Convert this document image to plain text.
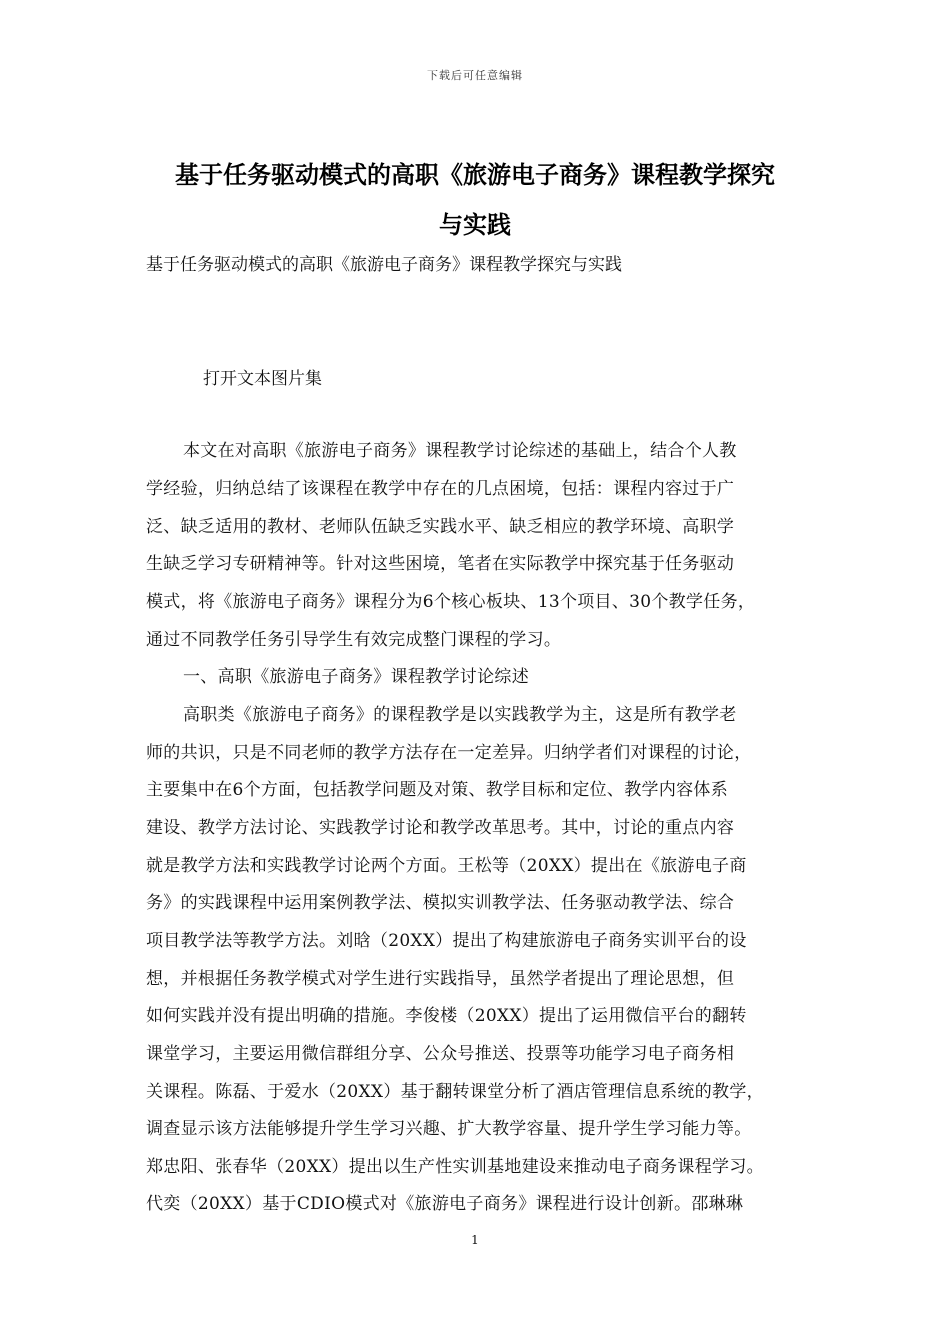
下载后可任意编辑
基于任务驱动模式的高职《旅游电子商务》课程教学探究
与实践
基于任务驱动模式的高职《旅游电子商务》课程教学探究与实践
打开文本图片集
本文在对高职《旅游电子商务》课程教学讨论综述的基础上，结合个人教
学经验，归纳总结了该课程在教学中存在的几点困境，包括：课程内容过于广
泛、缺乏适用的教材、老师队伍缺乏实践水平、缺乏相应的教学环境、高职学
生缺乏学习专研精神等。针对这些困境，笔者在实际教学中探究基于任务驱动
模式，将《旅游电子商务》课程分为6个核心板块、13个项目、30个教学任务，
通过不同教学任务引导学生有效完成整门课程的学习。
一、高职《旅游电子商务》课程教学讨论综述
高职类《旅游电子商务》的课程教学是以实践教学为主，这是所有教学老
师的共识，只是不同老师的教学方法存在一定差异。归纳学者们对课程的讨论，
主要集中在6个方面，包括教学问题及对策、教学目标和定位、教学内容体系
建设、教学方法讨论、实践教学讨论和教学改革思考。其中，讨论的重点内容
就是教学方法和实践教学讨论两个方面。王松等（20XX）提出在《旅游电子商
务》的实践课程中运用案例教学法、模拟实训教学法、任务驱动教学法、综合
项目教学法等教学方法。刘晗（20XX）提出了构建旅游电子商务实训平台的设
想，并根据任务教学模式对学生进行实践指导，虽然学者提出了理论思想，但
如何实践并没有提出明确的措施。李俊楼（20XX）提出了运用微信平台的翻转
课堂学习，主要运用微信群组分享、公众号推送、投票等功能学习电子商务相
关课程。陈磊、于爱水（20XX）基于翻转课堂分析了酒店管理信息系统的教学，
调查显示该方法能够提升学生学习兴趣、扩大教学容量、提升学生学习能力等。
郑忠阳、张春华（20XX）提出以生产性实训基地建设来推动电子商务课程学习。
代奕（20XX）基于CDIO模式对《旅游电子商务》课程进行设计创新。邵琳琳
1
